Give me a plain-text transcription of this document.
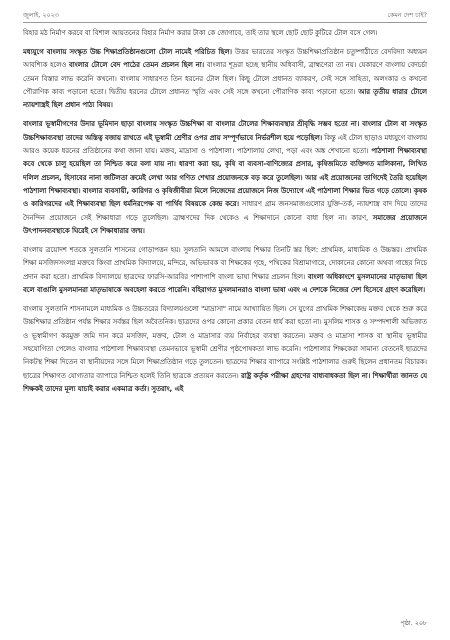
জুলাই, ২০২৩	কেমন দেশ চাই?

বিহার মঠ নির্মাণ করবে বা বিশাল আয়তনের বিহার নির্মাণ করার টাকা কে জোগাবে, তাই তার স্থলে ছোট ছোট কুটিরে টোল বসে গেল।

মধ্যযুগে বাংলায় সংস্কৃত উচ্চ শিক্ষাপ্রতিষ্ঠানগুলো টোল নামেই পরিচিত ছিল। উত্তর ভারতের সংস্কৃত উচ্চশিক্ষাপ্রতিষ্ঠান চতুষ্পাঠীতে বেদবিদ্যা অধ্যয়ন আবশ্যিক হলেও বাংলার টোলে বেদ পাঠের তেমন প্রচলন ছিল না। বাংলার শূদ্ররা হচ্ছে স্থানীয় অধিবাসী, ব্রাহ্মণেরা তা নয়। যেকারণে বাংলায় বেদচর্চা তেমন বিস্তার লাভ করেনি কখনো। বাংলায় সাধারণত তিন ধরনের টোল ছিল। কিছু টোলে প্রধানত ব্যাকরণ, সেই সঙ্গে সাহিত্য, অলংকার ও কখনো পৌরাণিক কাব্য পড়ানো হতো। দ্বিতীয় ধরনের টোলে প্রধানত স্মৃতি এবং সেই সঙ্গে কখনো পৌরাণিক কাব্য পড়ানো হতো। আর তৃতীয় ধারার টোলে ন্যায়শাস্ত্রই ছিল প্রধান পাঠ্য বিষয়।

বাংলার ভূস্বামীগণের উদার ভূমিদান ছাড়া বাংলায় সংস্কৃত উচ্চশিক্ষা বা বাংলার টোলের শিক্ষাব্যবস্থার শ্রীবৃদ্ধি সম্ভব হতো না। বাংলার টোল বা সংস্কৃত উচ্চশিক্ষাব্যবস্থা তাদের অস্তিত্ব বজায় রাখতে এই ভূস্বামী শ্রেণীর ওপর প্রায় সম্পূর্ণভাবে নির্ভরশীল হয়ে পড়েছিল। কিন্তু এই টোল ছাড়াও মধ্যযুগে বাংলায় আরও কয়েক ধরনের প্রতিষ্ঠানের কথা জানা যায়। মক্তব, মাদ্রাসা ও পাঠশালা। পাঠশালায় লেখা, পড়া এবং অঙ্ক শেখানো হতো। পাঠশালা শিক্ষাব্যবস্থা কবে থেকে চালু হয়েছিল তা নিশ্চিত করে বলা যায় না। ধারণা করা হয়, কৃষি বা ব্যবসা-বাণিজ্যের প্রসার, কৃষিজমিতে ব্যক্তিগত মালিকানা, লিখিত দলিল প্রচলন, হিসাবের নানা জটিলতা ক্রমেই লেখা আর গণিত শেখার প্রয়োজনকে বড় করে তুলেছিল। আর এই প্রয়োজনের তাগিদেই তৈরি হয়েছিল পাঠশালা শিক্ষাব্যবস্থা। বাংলার ব্যবসায়ী, কারিগর ও কৃষিজীবীরা মিলে নিজেদের প্রয়োজনে নিজ উদ্যোগে এই পাঠশালা শিক্ষার ভিত গড়ে তোলে। কৃষক ও কারিগরদের এই শিক্ষাব্যবস্থা ছিল ধর্মনিরপেক্ষ বা পার্থিব বিষয়কে কেন্দ্র করে। সাধারণ গ্রাম জনসমাজগুলোর যুক্তি-তর্ক, ন্যায়শাস্ত্র বাদ দিয়ে তাদের দৈনন্দিন প্রয়োজনে সেই শিক্ষাধারা গড়ে তুলেছিল। ব্রাহ্মণদের দিক থেকেও এ শিক্ষাদানে কোনো বাধা ছিল না। কারণ, সমাজের প্রয়োজনে উৎপাদনব্যবস্থাকে ঘিরেই সে শিক্ষাধারার জন্ম।

বাংলায় ত্রয়োদশ শতকে সুলতানি শাসনের গোড়াপত্তন হয়। সুলতানি আমলে বাংলায় শিক্ষার তিনটি স্তর ছিল: প্রাথমিক, মাধ্যমিক ও উচ্চস্তর। প্রাথমিক শিক্ষা মসজিদসংলগ্ন মক্তবে কিংবা প্রাথমিক বিদ্যালয়ে, মন্দিরে, অভিভাবক বা শিক্ষকের গৃহে, পথিকের বিশ্রামাগারে, দোকানের কোনো অথবা গাছের নিচে প্রদান করা হতো। প্রাথমিক বিদ্যালয়ে ছাত্রদের ফারসি-আরবির পাশাপাশি বাংলা ভাষা শিক্ষার প্রচলন ছিল। বাংলা অধিকাংশে মুসলমানের মাতৃভাষা ছিল বলে বাঙালি মুসলমানরা মাতৃভাষাকে অবহেলা করতে পারেনি। বহিরাগত মুসলমানরাও বাংলা ভাষা এবং এ দেশকে নিজের দেশ হিসেবে গ্রহণ করেছিল।

বাংলায় সুলতানি শাসনামলে মাধ্যমিক ও উচ্চতরের বিদ্যালয়গুলো "মাদ্রাসা" নামে আখ্যায়িত ছিল। সে যুগের প্রাথমিক শিক্ষাকেন্দ্র মক্তব থেকে শুরু করে উচ্চশিক্ষার প্রতিষ্ঠান পর্যন্ত শিক্ষার সর্বস্তর ছিল অবৈতনিক। ছাত্রদের ওপর কোনো প্রকার বেতন ধার্য করা হতো না। মুসলিম শাসক ও সম্পদশালী অভিজাত ও ভূস্বামীগণ করমুক্ত জমি দান করে মসজিদ, মক্তব, টোল ও মাদ্রাসার ব্যয় নির্বাহের ব্যবস্থা করতেন। মক্তব ও মাদ্রাসা শাসক বা স্থানীয় ভূস্বামীর সহযোগিতা পেলেও বাংলার পাঠশালা শিক্ষাব্যবস্থা তেমনভাবে ভূস্বামী শ্রেণীর পৃষ্ঠপোষকতা লাভ করেনি। পাঠশালার শিক্ষকেরা সামান্য বেতনেই ছাত্রদের নিকটস্থ শিক্ষা দিতেন বা স্থানীয়দের সঙ্গে মিলে শিক্ষাপ্রতিষ্ঠান গড়ে তুলতেন। ছাত্রদের শিক্ষার ব্যাপারে সংশ্লিষ্ট পাঠশালার গুরুই ছিলেন প্রধানতম বিচারক। ছাত্রের শিক্ষাগত যোগ্যতার ব্যাপারে নিশ্চিত হলেই তিনি ছাত্রকে প্রত্যয়ন করতেন। রাষ্ট্র কর্তৃক পরীক্ষা গ্রহণের বাধ্যবাধকতা ছিল না। শিক্ষার্থীরা জানত যে শিক্ষকই তাদের মূল্য যাচাই করার একমাত্র কর্তা। সুতরাং, এই

পৃষ্ঠা. ২০৮
